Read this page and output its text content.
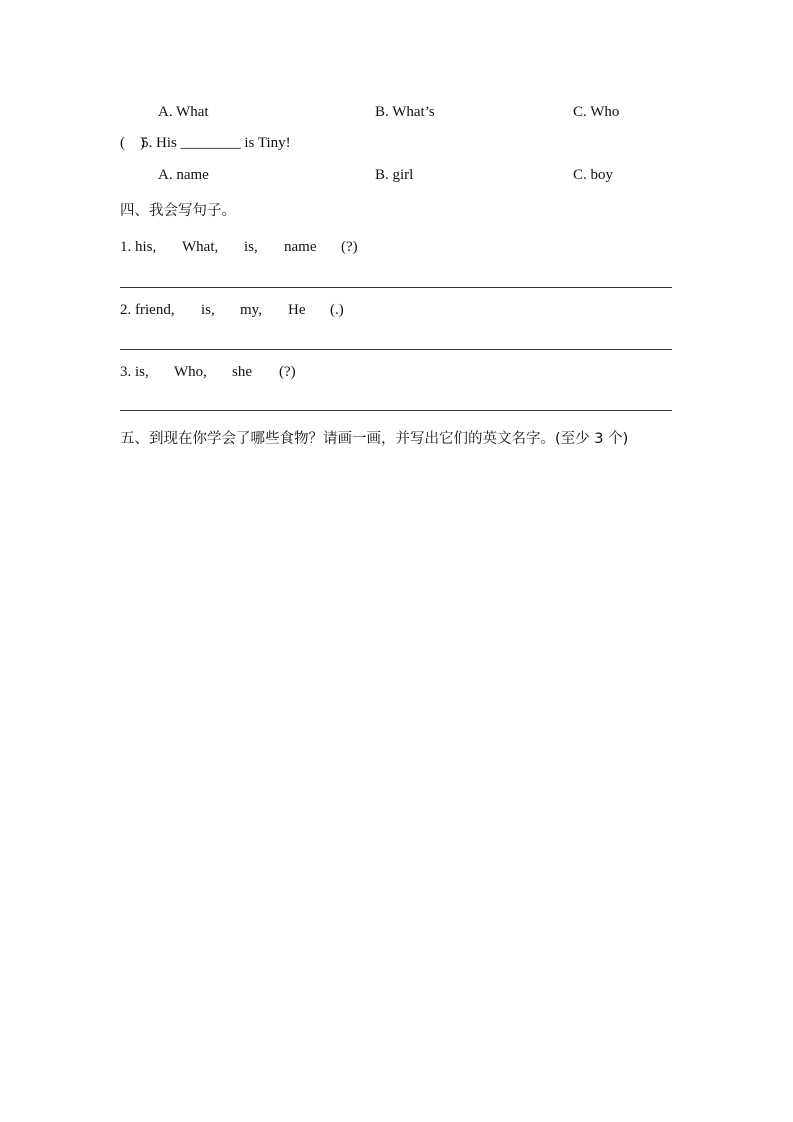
A. What	B. What’s	C. Who
(    )
5. His ________ is Tiny!
A. name	B. girl	C. boy
四、我会写句子。
1. his, What, is, name (?)
2. friend, is, my, He (.)
3. is, Who, she (?)
五、到现在你学会了哪些食物？请画一画，并写出它们的英文名字。(至少 3 个)
